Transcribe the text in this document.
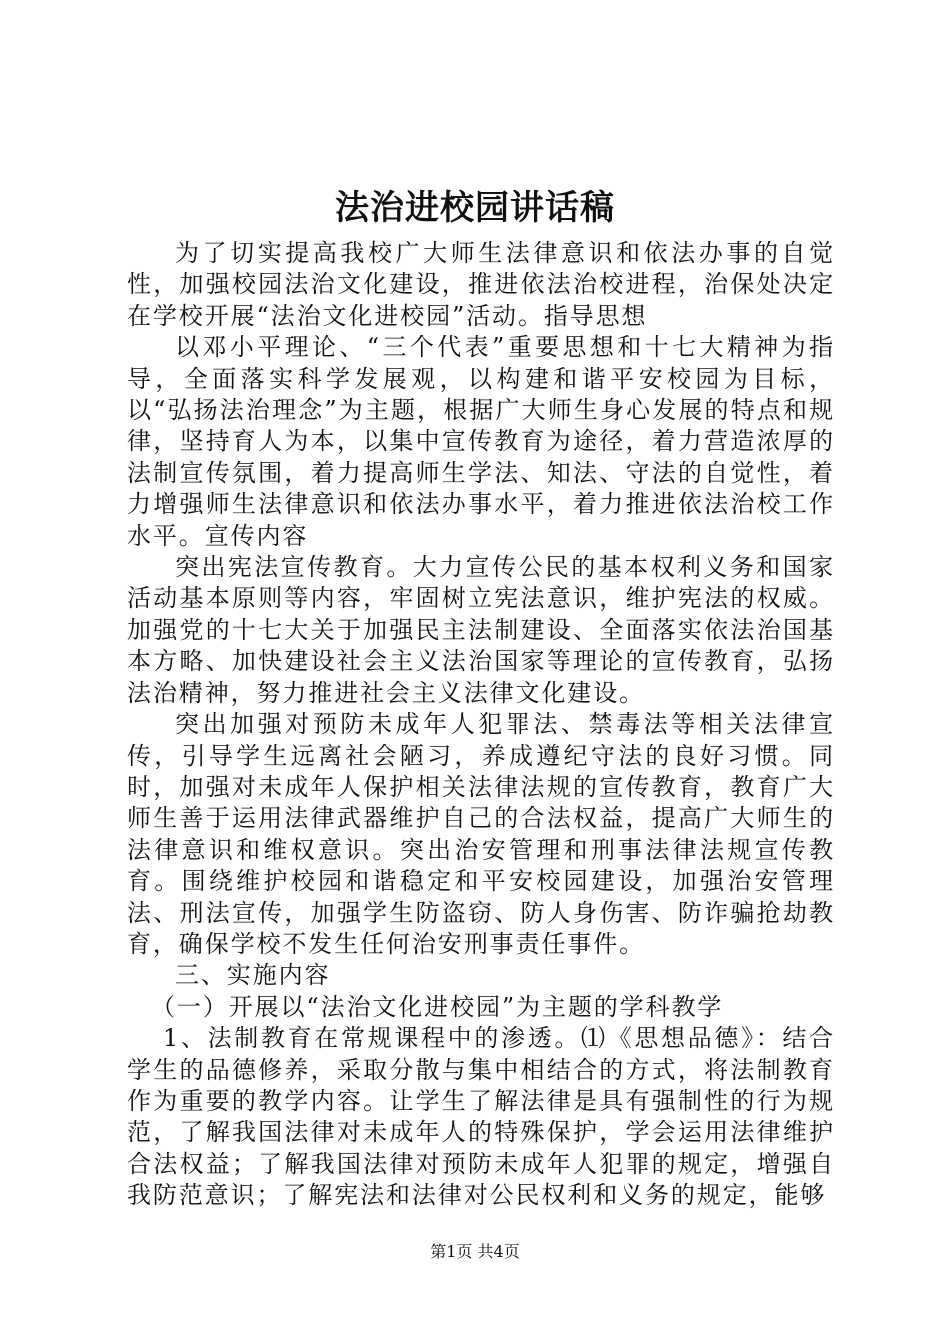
法治进校园讲话稿

为了切实提高我校广大师生法律意识和依法办事的自觉性，加强校园法治文化建设，推进依法治校进程，治保处决定在学校开展“法治文化进校园”活动。指导思想

以邓小平理论、“三个代表”重要思想和十七大精神为指导，全面落实科学发展观，以构建和谐平安校园为目标，以“弘扬法治理念”为主题，根据广大师生身心发展的特点和规律，坚持育人为本，以集中宣传教育为途径，着力营造浓厚的法制宣传氛围，着力提高师生学法、知法、守法的自觉性，着力增强师生法律意识和依法办事水平，着力推进依法治校工作水平。宣传内容

突出宪法宣传教育。大力宣传公民的基本权利义务和国家活动基本原则等内容，牢固树立宪法意识，维护宪法的权威。加强党的十七大关于加强民主法制建设、全面落实依法治国基本方略、加快建设社会主义法治国家等理论的宣传教育，弘扬法治精神，努力推进社会主义法律文化建设。

突出加强对预防未成年人犯罪法、禁毒法等相关法律宣传，引导学生远离社会陋习，养成遵纪守法的良好习惯。同时，加强对未成年人保护相关法律法规的宣传教育，教育广大师生善于运用法律武器维护自己的合法权益，提高广大师生的法律意识和维权意识。突出治安管理和刑事法律法规宣传教育。围绕维护校园和谐稳定和平安校园建设，加强治安管理法、刑法宣传，加强学生防盗窃、防人身伤害、防诈骗抢劫教育，确保学校不发生任何治安刑事责任事件。

三、实施内容

（一）开展以“法治文化进校园”为主题的学科教学

1、法制教育在常规课程中的渗透。⑴《思想品德》：结合学生的品德修养，采取分散与集中相结合的方式，将法制教育作为重要的教学内容。让学生了解法律是具有强制性的行为规范，了解我国法律对未成年人的特殊保护，学会运用法律维护合法权益；了解我国法律对预防未成年人犯罪的规定，增强自我防范意识；了解宪法和法律对公民权利和义务的规定，能够

第1页 共4页
